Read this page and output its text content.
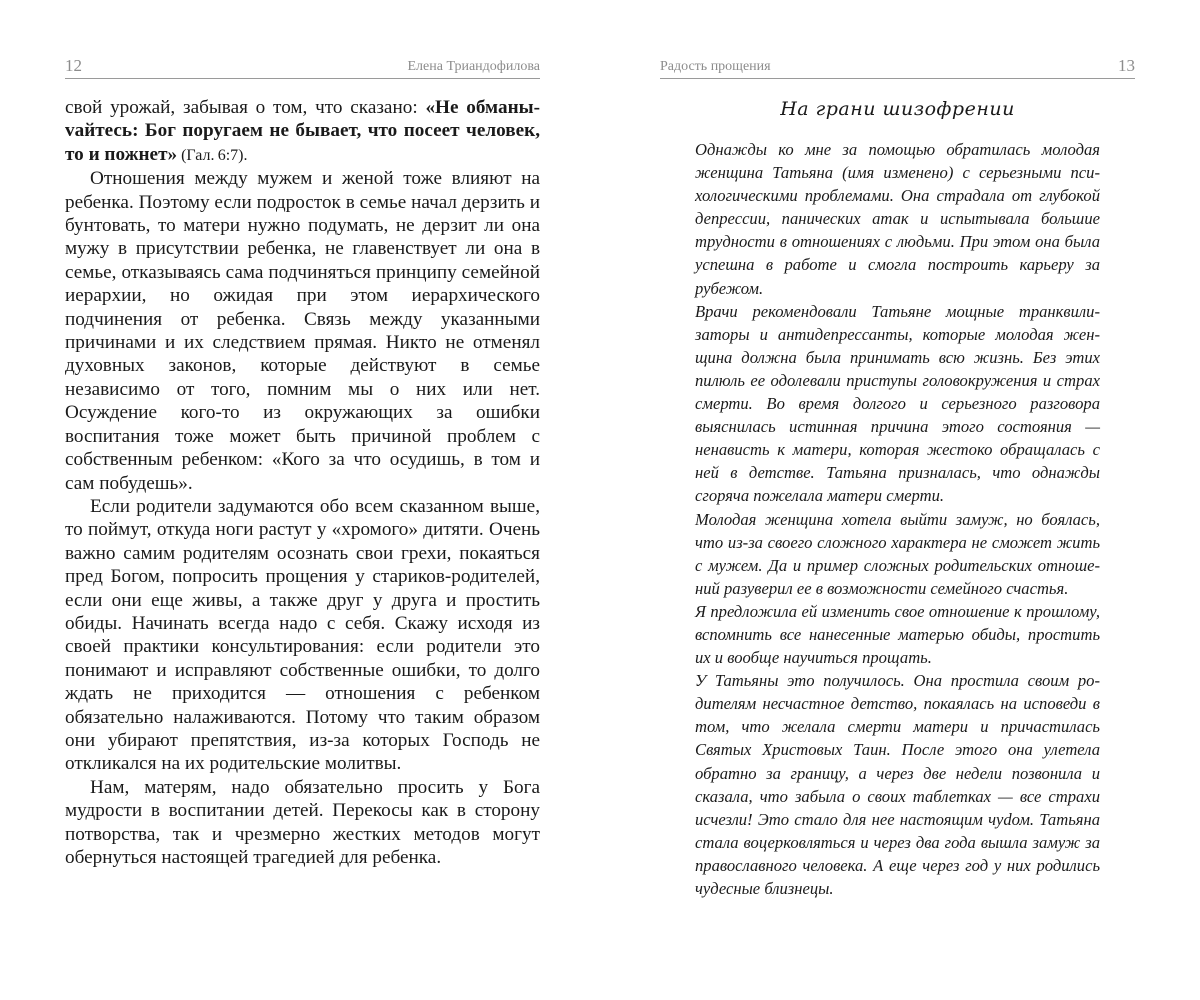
12	Елена Триандофилова

свой урожай, забывая о том, что сказано: «Не обманыvайтесь: Бог поругаем не бывает, что посеет человек, то и пожнет» (Гал. 6:7).

Отношения между мужем и женой тоже влияют на ребенка. Поэтому если подросток в семье начал дерзить и бунтовать, то матери нужно подумать, не дерзит ли она мужу в присутствии ребенка, не главенствует ли она в семье, отказываясь сама подчиняться принципу семейной иерархии, но ожидая при этом иерархического подчинения от ребенка. Связь между указанными причинами и их следствием прямая. Никто не отменял духовных законов, которые действуют в семье независимо от того, помним мы о них или нет. Осуждение кого-то из окружающих за ошибки воспитания тоже может быть причиной проблем с собственным ребенком: «Кого за что осудишь, в том и сам побудешь».

Если родители задумаются обо всем сказанном выше, то поймут, откуда ноги растут у «хромого» дитяти. Очень важно самим родителям осознать свои грехи, покаяться пред Богом, попросить прощения у стариков-родителей, если они еще живы, а также друг у друга и простить обиды. Начинать всегда надо с себя. Скажу исходя из своей практики консультирования: если родители это понимают и исправляют собственные ошибки, то долго ждать не приходится — отношения с ребенком обязательно налаживаются. Потому что таким образом они убирают препятствия, из-за которых Господь не откликался на их родительские молитвы.

Нам, матерям, надо обязательно просить у Бога мудрости в воспитании детей. Перекосы как в сторону потворства, так и чрезмерно жестких методов могут обернуться настоящей трагедией для ребенка.

Радость прощения	13
На грани шизофрении

Однажды ко мне за помощью обратилась молодая женщина Татьяна (имя изменено) с серьезными психологическими проблемами. Она страдала от глубокой депрессии, панических атак и испытывала большие трудности в отношениях с людьми. При этом она была успешна в работе и смогла построить карьеру за рубежом.

Врачи рекомендовали Татьяне мощные транквилизаторы и антидепрессанты, которые молодая женщина должна была принимать всю жизнь. Без этих пилюль ее одолевали приступы головокружения и страх смерти. Во время долгого и серьезного разговора выяснилась истинная причина этого состояния — ненависть к матери, которая жестоко обращалась с ней в детстве. Татьяна призналась, что однажды сгоряча пожелала матери смерти.

Молодая женщина хотела выйти замуж, но боялась, что из-за своего сложного характера не сможет жить с мужем. Да и пример сложных родительских отношений разуверил ее в возможности семейного счастья.

Я предложила ей изменить свое отношение к прошлому, вспомнить все нанесенные матерью обиды, простить их и вообще научиться прощать.

У Татьяны это получилось. Она простила своим родителям несчастное детство, покаялась на исповеди в том, что желала смерти матери и причастилась Святых Христовых Таин. После этого она улетела обратно за границу, а через две недели позвонила и сказала, что забыла о своих таблетках — все страхи исчезли! Это стало для нее настоящим чуdом. Татьяна стала воцерковляться и через два года вышла замуж за православного человека. А еще через год у них родились чудесные близнецы.
